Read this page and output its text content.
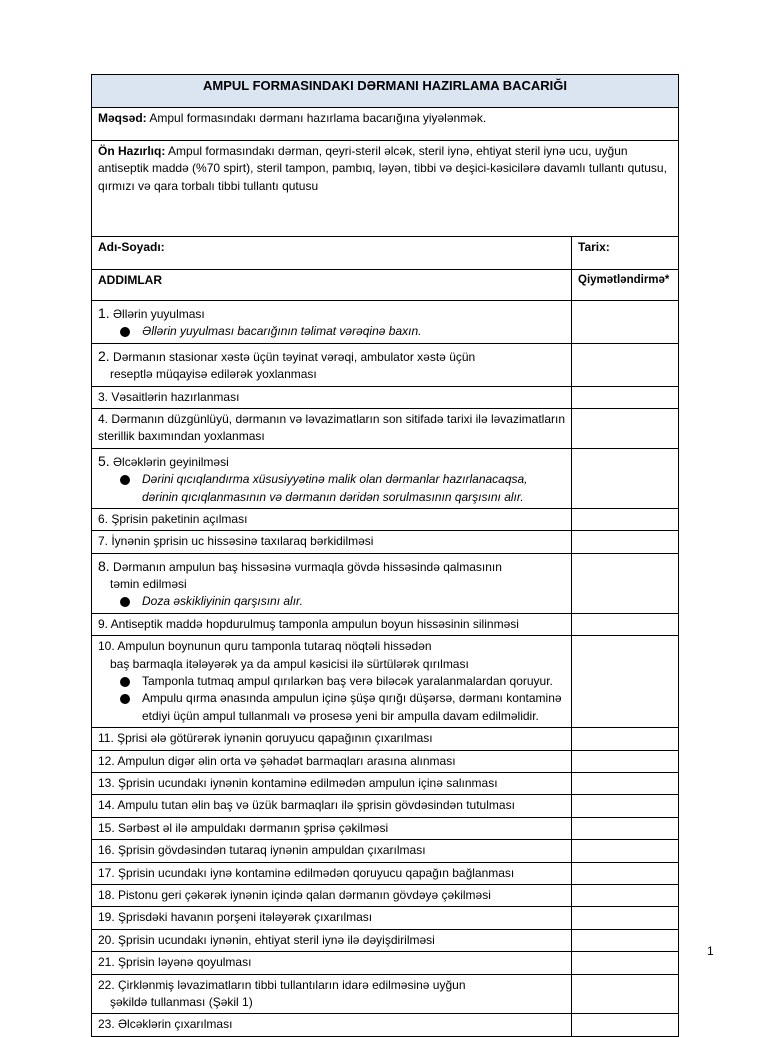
AMPUL FORMASINDAKI DƏRMANI HAZIRLAMA BACARIĞI	
Məqsəd: Ampul formasındakı dərmanı hazırlama bacarığına yiyələnmək.	
Ön Hazırlıq: Ampul formasındakı dərman, qeyri-steril əlcək, steril iynə, ehtiyat steril iynə ucu, uyğun antiseptik maddə (%70 spirt), steril tampon, pambıq, ləyən, tibbi və deşici-kəsicilərə davamlı tullantı qutusu, qırmızı və qara torbalı tibbi tullantı qutusu	
Adı-Soyadı:	Tarix:
ADDIMLAR	Qiymətləndirmə*

1. Əllərin yuyulması
Əllərin yuyulması bacarığının təlimat vərəqinə baxın.	

2. Dərmanın stasionar xəstə üçün təyinat vərəqi, ambulator xəstə üçün
reseptlə müqayisə edilərək yoxlanması	

3. Vəsaitlərin hazırlanması	
4. Dərmanın düzgünlüyü, dərmanın və ləvazimatların son sitifadə tarixi ilə ləvazimatların sterillik baxımından yoxlanması	

5. Əlcəklərin geyinilməsi
Dərini qıcıqlandırma xüsusiyyətinə malik olan dərmanlar hazırlanacaqsa,
dərinin qıcıqlanmasının və dərmanın dəridən sorulmasının qarşısını alır.	

6. Şprisin paketinin açılması	
7. İynənin şprisin uc hissəsinə taxılaraq bərkidilməsi	

8. Dərmanın ampulun baş hissəsinə vurmaqla gövdə hissəsində qalmasının
təmin edilməsi
Doza əskikliyinin qarşısını alır.	

9. Antiseptik maddə hopdurulmuş tamponla ampulun boyun hissəsinin silinməsi	

10. Ampulun boynunun quru tamponla tutaraq nöqtəli hissədən
baş barmaqla itələyərək ya da ampul kəsicisi ilə sürtülərək qırılması
Tamponla tutmaq ampul qırılarkən baş verə biləcək yaralanmalardan qoruyur.
Ampulu qırma ənasında ampulun içinə şüşə qırığı düşərsə, dərmanı kontaminə etdiyi üçün ampul tullanmalı və prosesə yeni bir ampulla davam edilməlidir.	

11. Şprisi ələ götürərək iynənin qoruyucu qapağının çıxarılması	
12. Ampulun digər əlin orta və şəhadət barmaqları arasına alınması	
13. Şprisin ucundakı iynənin kontaminə edilmədən ampulun içinə salınması	
14. Ampulu tutan əlin baş və üzük barmaqları ilə şprisin gövdəsindən tutulması	
15. Sərbəst əl ilə ampuldakı dərmanın şprisə çəkilməsi	
16. Şprisin gövdəsindən tutaraq iynənin ampuldan çıxarılması	
17. Şprisin ucundakı iynə kontaminə edilmədən qoruyucu qapağın bağlanması	
18. Pistonu geri çəkərək iynənin içində qalan dərmanın gövdəyə çəkilməsi	
19. Şprisdəki havanın porşeni itələyərək çıxarılması	
20. Şprisin ucundakı iynənin, ehtiyat steril iynə ilə dəyişdirilməsi	
21. Şprisin ləyənə qoyulması	

22. Çirklənmiş ləvazimatların tibbi tullantıların idarə edilməsinə uyğun
şəkildə tullanması (Şəkil 1)	

23. Əlcəklərin çıxarılması	
1
